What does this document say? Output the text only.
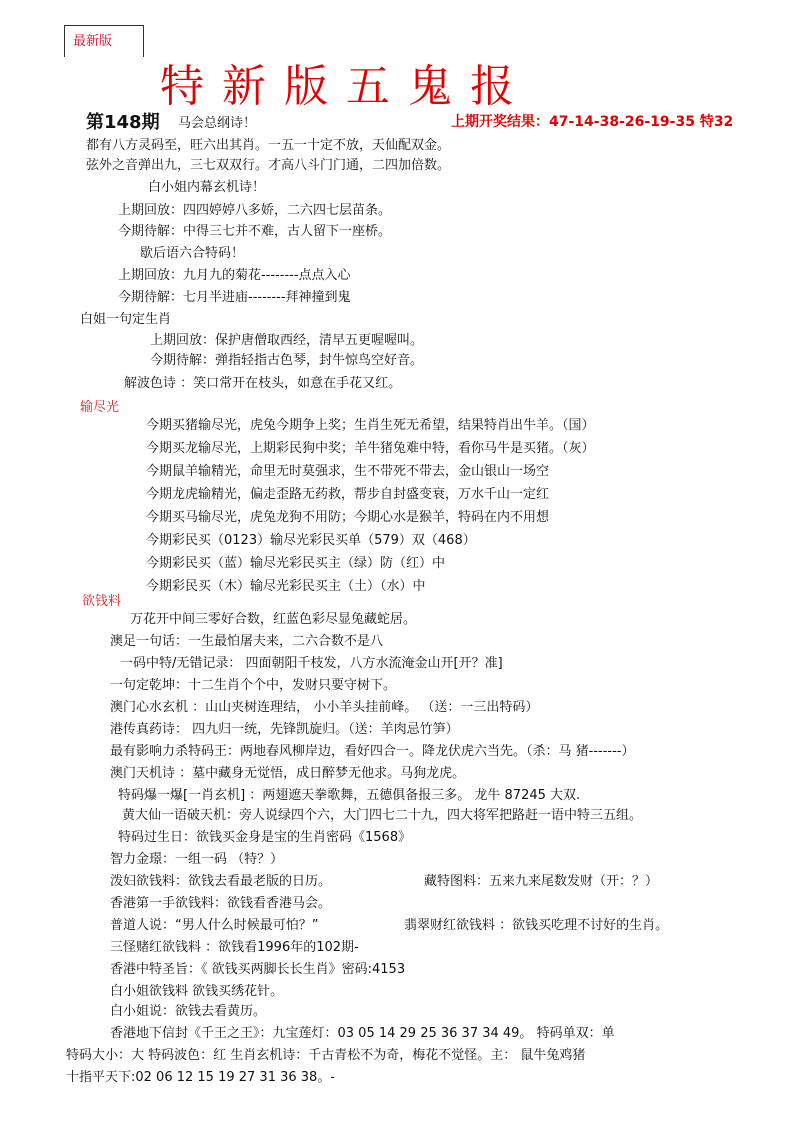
最新版
特新版五鬼报
第148期 马会总纲诗！	上期开奖结果：47-14-38-26-19-35 特32
都有八方灵码至，旺六出其肖。一五一十定不放，天仙配双金。
弦外之音弹出九，三七双双行。才高八斗门门通，二四加倍数。
白小姐内幕玄机诗！
上期回放：四四婷婷八多娇，二六四七层苗条。
今期待解：中得三七并不难，古人留下一座桥。
歇后语六合特码！
上期回放：九月九的菊花--------点点入心
今期待解：七月半进庙--------拜神撞到鬼
白姐一句定生肖
上期回放：保护唐僧取西经，清早五更喔喔叫。
今期待解：弹指轻指古色琴，封牛惊鸟空好音。
解波色诗 ：笑口常开在枝头，如意在手花又红。
输尽光
今期买猪输尽光，虎兔今期争上奖；生肖生死无希望，结果特肖出牛羊。（国）
今期买龙输尽光，上期彩民狗中奖；羊牛猪兔难中特，看你马牛是买猪。（灰）
今期鼠羊输精光，命里无时莫强求，生不带死不带去，金山银山一场空
今期龙虎输精光，偏走歪路无药救，帮步自封盛变衰，万水千山一定红
今期买马输尽光，虎兔龙狗不用防；今期心水是猴羊，特码在内不用想
今期彩民买（0123）输尽光彩民买单（579）双（468）
今期彩民买（蓝）输尽光彩民买主（绿）防（红）中
今期彩民买（木）输尽光彩民买主（土）（水）中
欲钱料
万花开中间三零好合数，红蓝色彩尽显兔藏蛇居。
澳足一句话：一生最怕屠夫来，二六合数不是八
一码中特/无错记录： 四面朝阳千枝发，八方水流淹金山开[开？准]
一句定乾坤：十二生肖个个中，发财只要守树下。
澳门心水玄机 ：山山夹树连理结， 小小羊头挂前峰。 （送：一三出特码）
港传真药诗： 四九归一统，先锋凯旋归。（送：羊肉忌竹笋）
最有影响力杀特码王：两地春风柳岸边，看好四合一。降龙伏虎六当先。（杀：马 猪-------）
澳门天机诗 ：墓中藏身无觉悟，成日醉梦无他求。马狗龙虎。
特码爆一爆[一肖玄机] ：两翅遮天拳歌舞，五德俱备报三多。 龙牛 87245 大双.
黄大仙一语破天机：旁人说绿四个六，大门四七二十九，四大将军把路赶一语中特三五组。
特码过生日：欲钱买金身是宝的生肖密码《1568》
智力金璟：一组一码 （特？）
泼妇欲钱料：欲钱去看最老版的日历。	藏特图料：五来九来尾数发财（开：？）
香港第一手欲钱料：欲钱看香港马会。
普道人说：“男人什么时候最可怕？”	翡翠财红欲钱料 ：欲钱买吃理不讨好的生肖。
三怪赌红欲钱料 ：欲钱看1996年的102期-
香港中特圣旨：《 欲钱买两脚长长生肖》密码:4153
白小姐欲钱料 欲钱买绣花针。
白小姐说：欲钱去看黄历。
香港地下信封《千王之王》：九宝莲灯：03 05 14 29 25 36 37 34 49。 特码单双：单
特码大小：大 特码波色：红 生肖玄机诗：千古青松不为奇，梅花不觉怪。主： 鼠牛兔鸡猪
十指平天下:02 06 12 15 19 27 31 36 38。-
